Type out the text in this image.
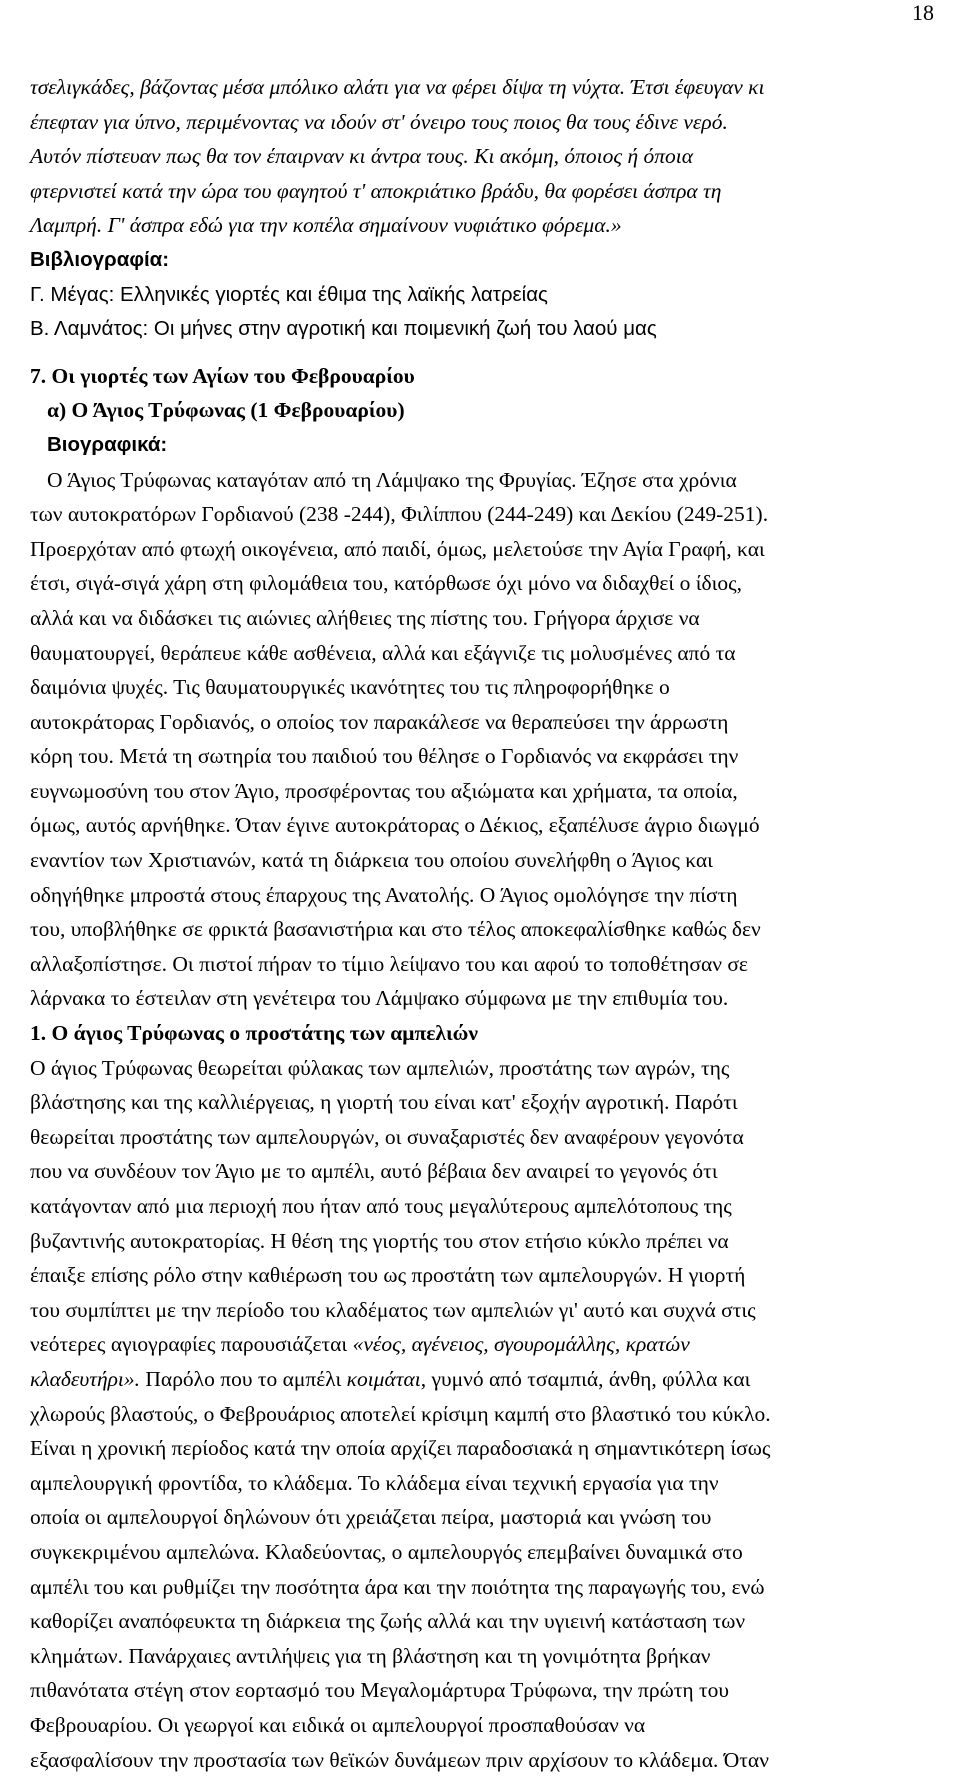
18

τσελιγκάδες, βάζοντας μέσα μπόλικο αλάτι για να φέρει δίψα τη νύχτα. Έτσι έφευγαν κι

έπεφταν για ύπνο, περιμένοντας να ιδούν στ' όνειρο τους ποιος θα τους έδινε νερό.

Αυτόν πίστευαν πως θα τον έπαιρναν κι άντρα τους. Κι ακόμη, όποιος ή όποια

φτερνιστεί κατά την ώρα του φαγητού τ' αποκριάτικο βράδυ, θα φορέσει άσπρα τη

Λαμπρή. Γ' άσπρα εδώ για την κοπέλα σημαίνουν νυφιάτικο φόρεμα.»

Βιβλιογραφία:

Γ. Μέγας: Ελληνικές γιορτές και έθιμα της λαϊκής λατρείας

Β. Λαμνάτος: Οι μήνες στην αγροτική και ποιμενική ζωή του λαού μας

7. Οι γιορτές των Αγίων του Φεβρουαρίου

α) Ο Άγιος Τρύφωνας (1 Φεβρουαρίου)

Βιογραφικά:

Ο Άγιος Τρύφωνας καταγόταν από τη Λάμψακο της Φρυγίας. Έζησε στα χρόνια

των αυτοκρατόρων Γορδιανού (238 -244), Φιλίππου (244-249) και Δεκίου (249-251).

Προερχόταν από φτωχή οικογένεια, από παιδί, όμως, μελετούσε την Αγία Γραφή, και

έτσι, σιγά-σιγά χάρη στη φιλομάθεια του, κατόρθωσε όχι μόνο να διδαχθεί ο ίδιος,

αλλά και να διδάσκει τις αιώνιες αλήθειες της πίστης του. Γρήγορα άρχισε να

θαυματουργεί, θεράπευε κάθε ασθένεια, αλλά και εξάγνιζε τις μολυσμένες από τα

δαιμόνια ψυχές. Τις θαυματουργικές ικανότητες του τις πληροφορήθηκε ο

αυτοκράτορας Γορδιανός, ο οποίος τον παρακάλεσε να θεραπεύσει την άρρωστη

κόρη του. Μετά τη σωτηρία του παιδιού του θέλησε ο Γορδιανός να εκφράσει την

ευγνωμοσύνη του στον Άγιο, προσφέροντας του αξιώματα και χρήματα, τα οποία,

όμως, αυτός αρνήθηκε. Όταν έγινε αυτοκράτορας ο Δέκιος, εξαπέλυσε άγριο διωγμό

εναντίον των Χριστιανών, κατά τη διάρκεια του οποίου συνελήφθη ο Άγιος και

οδηγήθηκε μπροστά στους έπαρχους της Ανατολής. Ο Άγιος ομολόγησε την πίστη

του, υποβλήθηκε σε φρικτά βασανιστήρια και στο τέλος αποκεφαλίσθηκε καθώς δεν

αλλαξοπίστησε. Οι πιστοί πήραν το τίμιο λείψανο του και αφού το τοποθέτησαν σε

λάρνακα το έστειλαν στη γενέτειρα του Λάμψακο σύμφωνα με την επιθυμία του.

1. Ο άγιος Τρύφωνας ο προστάτης των αμπελιών

Ο άγιος Τρύφωνας θεωρείται φύλακας των αμπελιών, προστάτης των αγρών, της

βλάστησης και της καλλιέργειας, η γιορτή του είναι κατ' εξοχήν αγροτική. Παρότι

θεωρείται προστάτης των αμπελουργών, οι συναξαριστές δεν αναφέρουν γεγονότα

που να συνδέουν τον Άγιο με το αμπέλι, αυτό βέβαια δεν αναιρεί το γεγονός ότι

κατάγονταν από μια περιοχή που ήταν από τους μεγαλύτερους αμπελότοπους της

βυζαντινής αυτοκρατορίας. Η θέση της γιορτής του στον ετήσιο κύκλο πρέπει να

έπαιξε επίσης ρόλο στην καθιέρωση του ως προστάτη των αμπελουργών. Η γιορτή

του συμπίπτει με την περίοδο του κλαδέματος των αμπελιών γι' αυτό και συχνά στις

νεότερες αγιογραφίες παρουσιάζεται «νέος, αγένειος, σγουρομάλλης, κρατών

κλαδευτήρι». Παρόλο που το αμπέλι κοιμάται, γυμνό από τσαμπιά, άνθη, φύλλα και

χλωρούς βλαστούς, ο Φεβρουάριος αποτελεί κρίσιμη καμπή στο βλαστικό του κύκλο.

Είναι η χρονική περίοδος κατά την οποία αρχίζει παραδοσιακά η σημαντικότερη ίσως

αμπελουργική φροντίδα, το κλάδεμα. Το κλάδεμα είναι τεχνική εργασία για την

οποία οι αμπελουργοί δηλώνουν ότι χρειάζεται πείρα, μαστοριά και γνώση του

συγκεκριμένου αμπελώνα. Κλαδεύοντας, ο αμπελουργός επεμβαίνει δυναμικά στο

αμπέλι του και ρυθμίζει την ποσότητα άρα και την ποιότητα της παραγωγής του, ενώ

καθορίζει αναπόφευκτα τη διάρκεια της ζωής αλλά και την υγιεινή κατάσταση των

κλημάτων. Πανάρχαιες αντιλήψεις για τη βλάστηση και τη γονιμότητα βρήκαν

πιθανότατα στέγη στον εορτασμό του Μεγαλομάρτυρα Τρύφωνα, την πρώτη του

Φεβρουαρίου. Οι γεωργοί και ειδικά οι αμπελουργοί προσπαθούσαν να

εξασφαλίσουν την προστασία των θεϊκών δυνάμεων πριν αρχίσουν το κλάδεμα. Όταν
